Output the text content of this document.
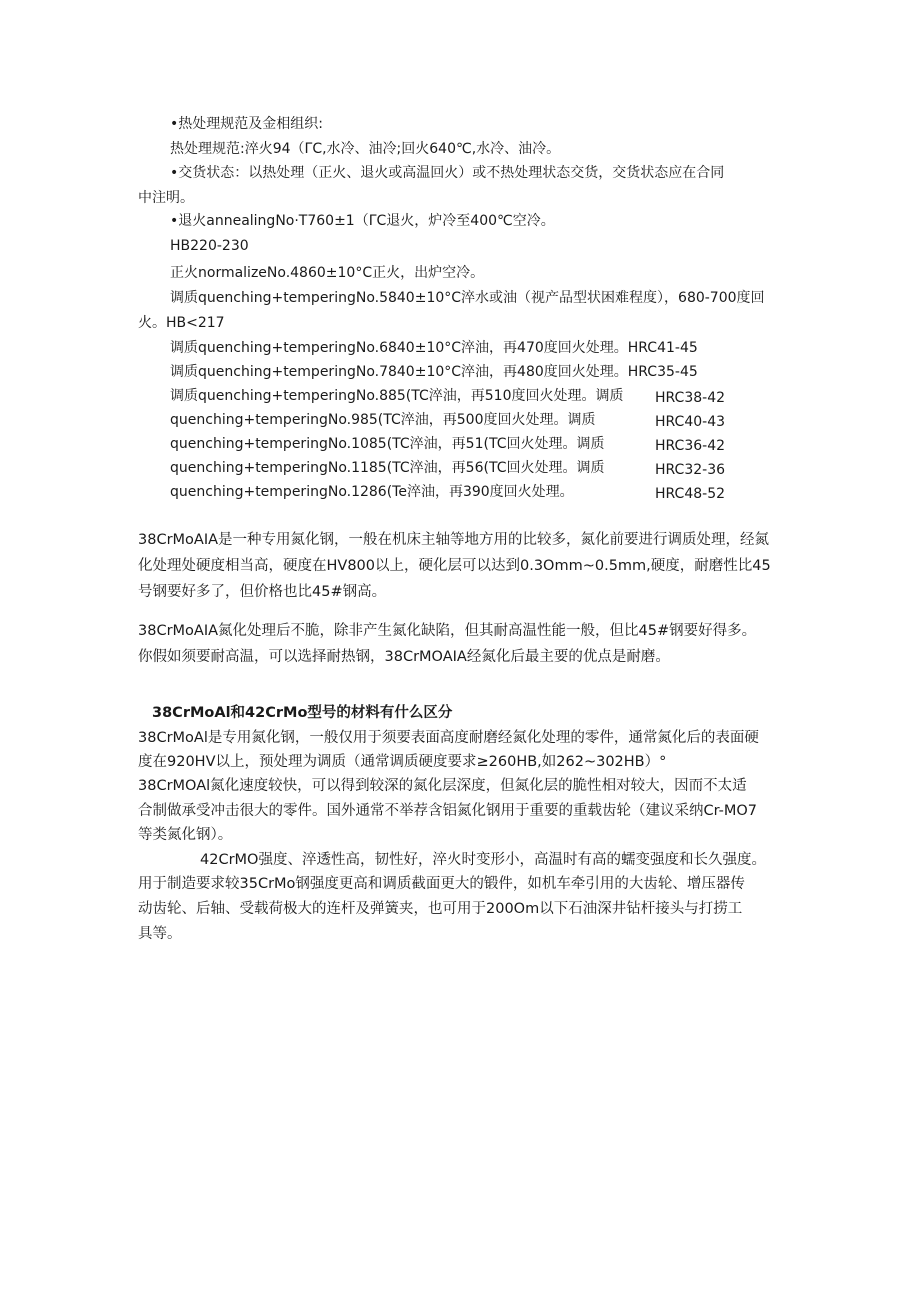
•热处理规范及金相组织:
热处理规范:淬火94（ΓC,水冷、油冷;回火640℃,水冷、油冷。
•交货状态：以热处理（正火、退火或高温回火）或不热处理状态交货，交货状态应在合同
中注明。
•退火annealingNo·T760±1（ΓC退火，炉冷至400℃空冷。
HB220-230
正火normalizeNo.4860±10°C正火，出炉空冷。
调质quenching+temperingNo.5840±10°C淬水或油（视产品型状困难程度），680-700度回
火。HB<217
调质quenching+temperingNo.6840±10°C淬油，再470度回火处理。HRC41-45
调质quenching+temperingNo.7840±10°C淬油，再480度回火处理。HRC35-45
调质quenching+temperingNo.885(TC淬油，再510度回火处理。调质 HRC38-42
quenching+temperingNo.985(TC淬油，再500度回火处理。调质	HRC40-43
quenching+temperingNo.1085(TC淬油，再51(TC回火处理。调质	HRC36-42
quenching+temperingNo.1185(TC淬油，再56(TC回火处理。调质	HRC32-36
quenching+temperingNo.1286(Te淬油，再390度回火处理。	HRC48-52
38CrMoAIA是一种专用氮化钢，一般在机床主轴等地方用的比较多，氮化前要进行调质处理，经氮
化处理处硬度相当高，硬度在HV800以上，硬化层可以达到0.3Omm~0.5mm,硬度，耐磨性比45
号钢要好多了，但价格也比45#钢高。
38CrMoAIA氮化处理后不脆，除非产生氮化缺陷，但其耐高温性能一般，但比45#钢要好得多。
你假如须要耐高温，可以选择耐热钢，38CrMOAIA经氮化后最主要的优点是耐磨。
38CrMoAl和42CrMo型号的材料有什么区分
38CrMoAl是专用氮化钢，一般仅用于须要表面高度耐磨经氮化处理的零件，通常氮化后的表面硬
度在920HV以上，预处理为调质（通常调质硬度要求≥260HB,如262~302HB）°
38CrMOAl氮化速度较快，可以得到较深的氮化层深度，但氮化层的脆性相对较大，因而不太适
合制做承受冲击很大的零件。国外通常不举荐含铝氮化钢用于重要的重载齿轮（建议采纳Cr-MO7
等类氮化钢）。
42CrMO强度、淬透性高，韧性好，淬火时变形小，高温时有高的蠕变强度和长久强度。
用于制造要求较35CrMo钢强度更高和调质截面更大的锻件，如机车牵引用的大齿轮、增压器传
动齿轮、后轴、受载荷极大的连杆及弹簧夹，也可用于200Om以下石油深井钻杆接头与打捞工
具等。
